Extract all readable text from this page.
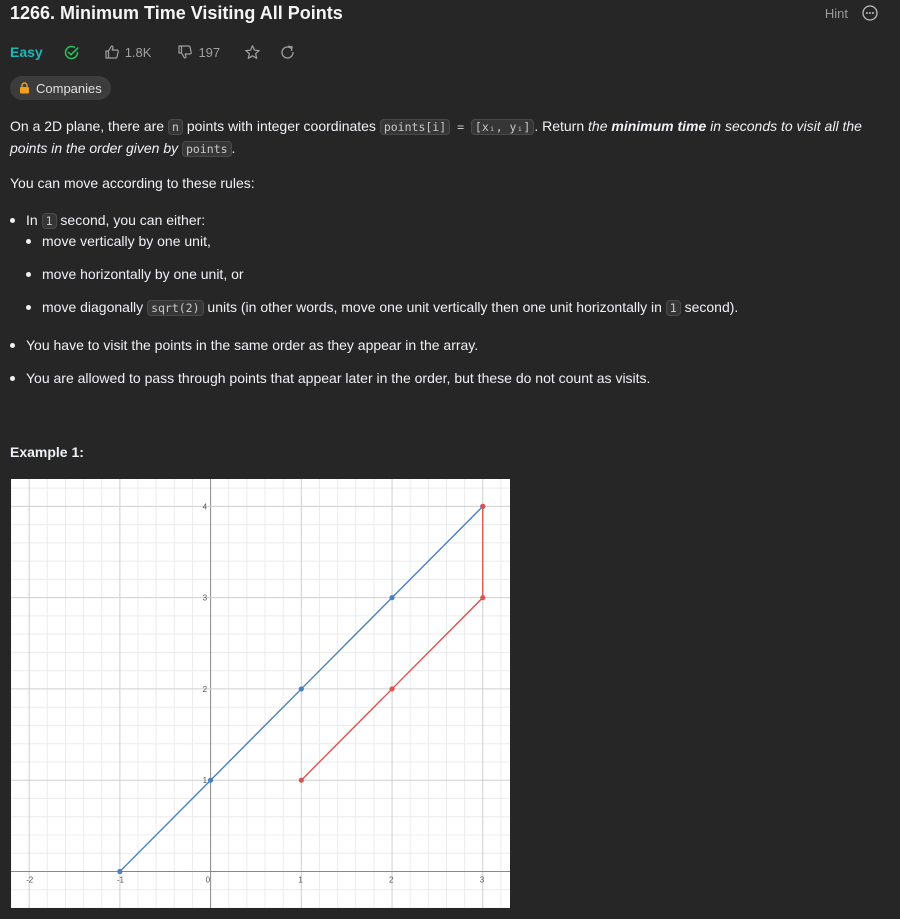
1266. Minimum Time Visiting All Points	Hint
Easy	1.8K	197
Companies

On a 2D plane, there are n points with integer coordinates points[i] = [xᵢ, yᵢ] . Return the minimum time in seconds to visit all the
points in the order given by points .

You can move according to these rules:
In 1 second, you can either:
move vertically by one unit,
move horizontally by one unit, or
move diagonally sqrt(2) units (in other words, move one unit vertically then one unit horizontally in 1 second).
You have to visit the points in the same order as they appear in the array.
You are allowed to pass through points that appear later in the order, but these do not count as visits.
Example 1:
-2	-1	0	1	2	3
1
2
3
4
